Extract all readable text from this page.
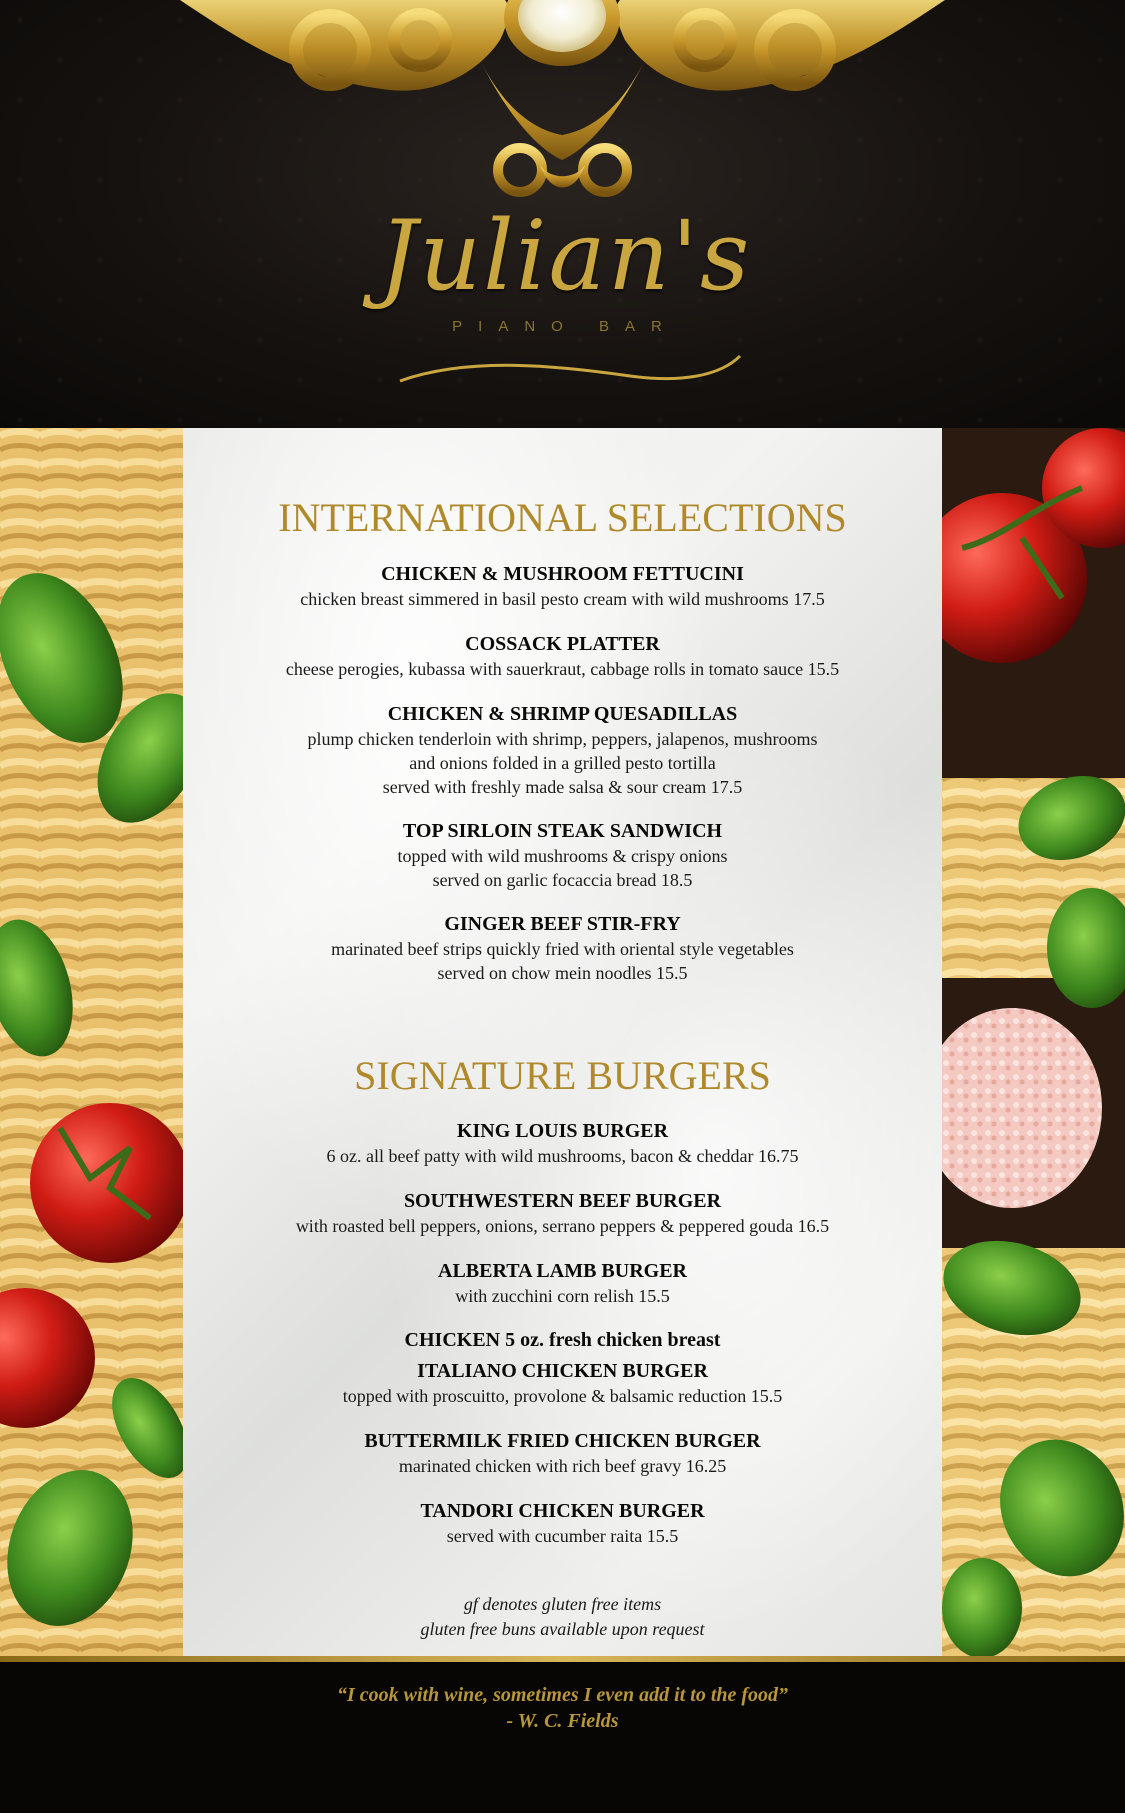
Julian's
PIANO BAR
INTERNATIONAL SELECTIONS
CHICKEN & MUSHROOM FETTUCINI
chicken breast simmered in basil pesto cream with wild mushrooms 17.5
COSSACK PLATTER
cheese perogies, kubassa with sauerkraut, cabbage rolls in tomato sauce 15.5
CHICKEN & SHRIMP QUESADILLAS
plump chicken tenderloin with shrimp, peppers, jalapenos, mushrooms
and onions folded in a grilled pesto tortilla
served with freshly made salsa & sour cream 17.5
TOP SIRLOIN STEAK SANDWICH
topped with wild mushrooms & crispy onions
served on garlic focaccia bread 18.5
GINGER BEEF STIR-FRY
marinated beef strips quickly fried with oriental style vegetables
served on chow mein noodles 15.5
SIGNATURE BURGERS
KING LOUIS BURGER
6 oz. all beef patty with wild mushrooms, bacon & cheddar 16.75
SOUTHWESTERN BEEF BURGER
with roasted bell peppers, onions, serrano peppers & peppered gouda 16.5
ALBERTA LAMB BURGER
with zucchini corn relish 15.5
CHICKEN 5 oz. fresh chicken breast
ITALIANO CHICKEN BURGER
topped with proscuitto, provolone & balsamic reduction 15.5
BUTTERMILK FRIED CHICKEN BURGER
marinated chicken with rich beef gravy 16.25
TANDORI CHICKEN BURGER
served with cucumber raita 15.5
gf denotes gluten free items
gluten free buns available upon request
“I cook with wine, sometimes I even add it to the food”
- W. C. Fields
